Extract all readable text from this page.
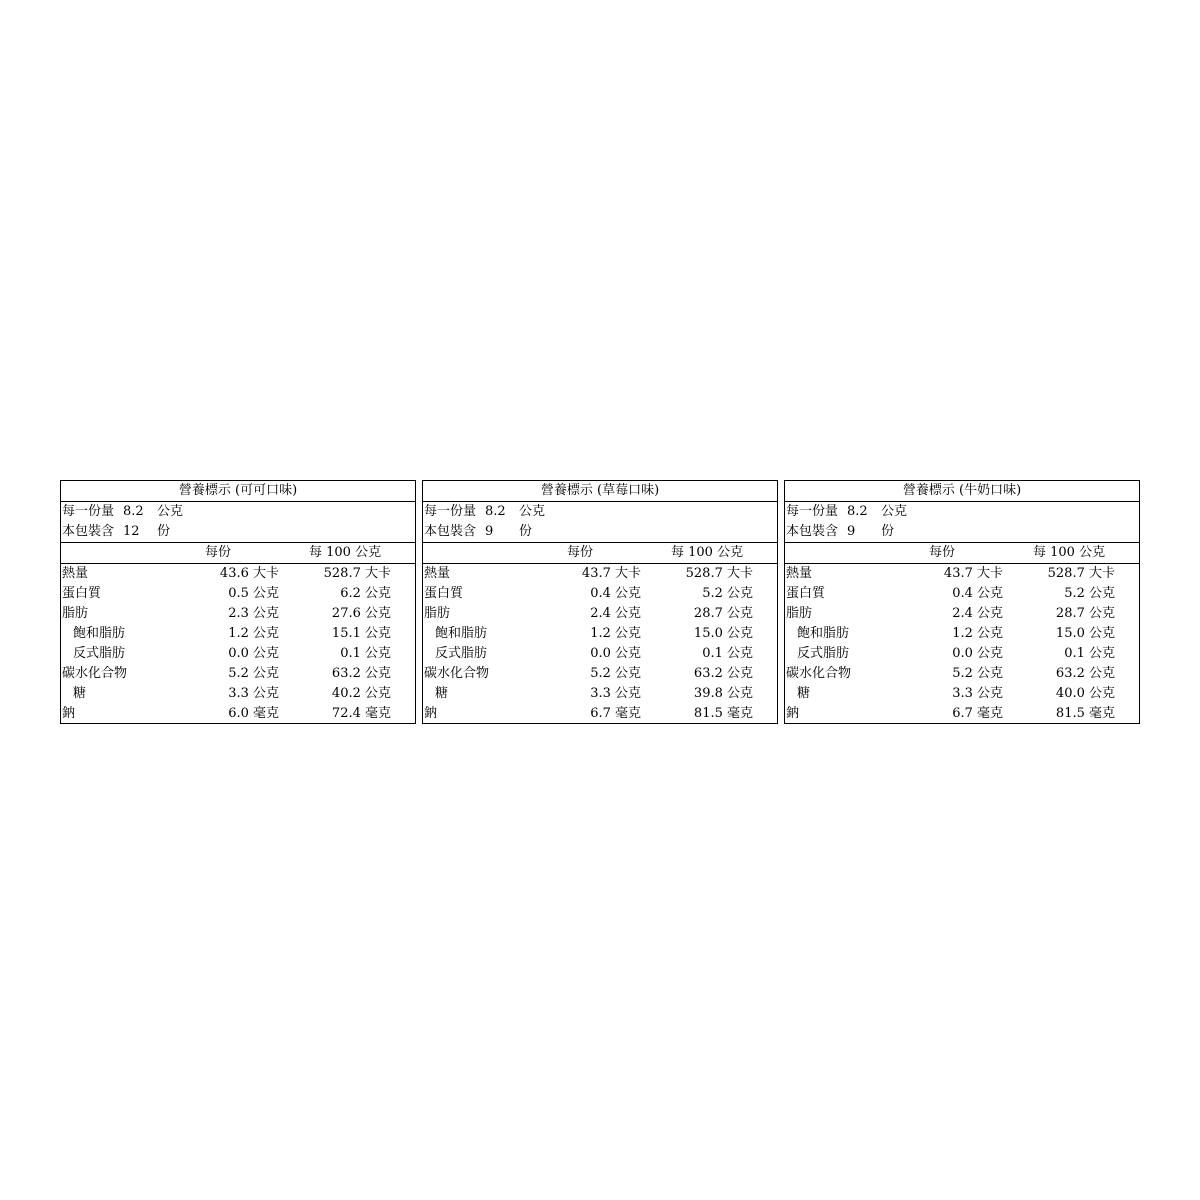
營養標示 (可可口味)
每一份量 8.2 公克
本包裝含 12 份
每份	每 100 公克
熱量	43.6 大卡	528.7 大卡
蛋白質	0.5 公克	6.2 公克
脂肪	2.3 公克	27.6 公克
飽和脂肪	1.2 公克	15.1 公克
反式脂肪	0.0 公克	0.1 公克
碳水化合物	5.2 公克	63.2 公克
糖	3.3 公克	40.2 公克
鈉	6.0 毫克	72.4 毫克
營養標示 (草莓口味)
每一份量 8.2 公克
本包裝含 9 份
每份	每 100 公克
熱量	43.7 大卡	528.7 大卡
蛋白質	0.4 公克	5.2 公克
脂肪	2.4 公克	28.7 公克
飽和脂肪	1.2 公克	15.0 公克
反式脂肪	0.0 公克	0.1 公克
碳水化合物	5.2 公克	63.2 公克
糖	3.3 公克	39.8 公克
鈉	6.7 毫克	81.5 毫克
營養標示 (牛奶口味)
每一份量 8.2 公克
本包裝含 9 份
每份	每 100 公克
熱量	43.7 大卡	528.7 大卡
蛋白質	0.4 公克	5.2 公克
脂肪	2.4 公克	28.7 公克
飽和脂肪	1.2 公克	15.0 公克
反式脂肪	0.0 公克	0.1 公克
碳水化合物	5.2 公克	63.2 公克
糖	3.3 公克	40.0 公克
鈉	6.7 毫克	81.5 毫克
